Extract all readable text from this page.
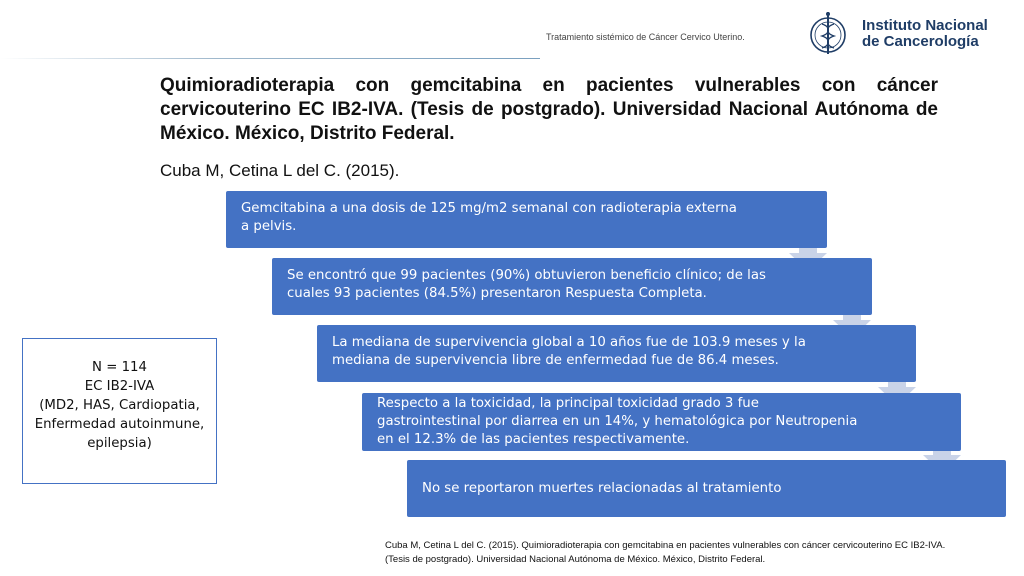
Tratamiento sistémico de Cáncer Cervico Uterino.
Instituto Nacional
de Cancerología
Quimioradioterapia con gemcitabina en pacientes vulnerables con cáncer cervicouterino EC IB2-IVA. (Tesis de postgrado). Universidad Nacional Autónoma de México. México, Distrito Federal.
Cuba M, Cetina L del C. (2015).
Gemcitabina a una dosis de 125 mg/m2 semanal con radioterapia externa
a pelvis.
Se encontró que 99 pacientes (90%) obtuvieron beneficio clínico; de las
cuales 93 pacientes (84.5%) presentaron Respuesta Completa.
La mediana de supervivencia global a 10 años fue de 103.9 meses y la
mediana de supervivencia libre de enfermedad fue de 86.4 meses.
Respecto a la toxicidad, la principal toxicidad grado 3 fue
gastrointestinal por diarrea en un 14%, y hematológica por Neutropenia
en el 12.3% de las pacientes respectivamente.
No se reportaron muertes relacionadas al tratamiento
N = 114
EC IB2-IVA
(MD2, HAS, Cardiopatia,
Enfermedad autoinmune,
epilepsia)
Cuba M, Cetina L del C. (2015). Quimioradioterapia con gemcitabina en pacientes vulnerables con cáncer cervicouterino EC IB2-IVA.
(Tesis de postgrado). Universidad Nacional Autónoma de México. México, Distrito Federal.
